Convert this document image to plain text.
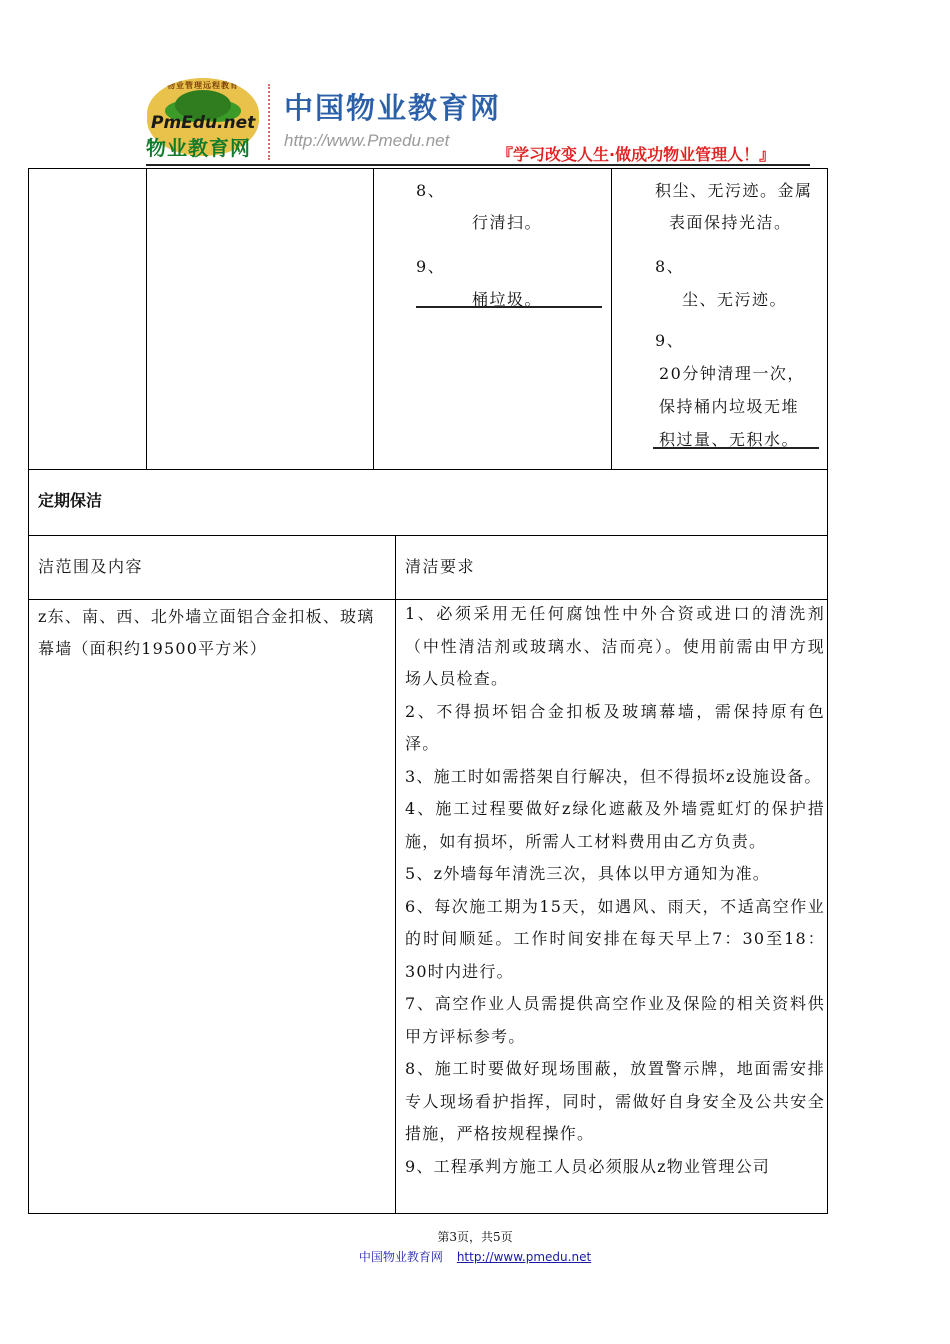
物业管理远程教育
PmEdu.net
物业教育网
中国物业教育网
http://www.Pmedu.net
『学习改变人生·做成功物业管理人！』
8、
行清扫。
9、
桶垃圾。
积尘、无污迹。金属
表面保持光洁。
8、
尘、无污迹。
9、
20分钟清理一次，
保持桶内垃圾无堆
积过量、无积水。
定期保洁
洁范围及内容	清洁要求
z东、南、西、北外墙立面铝合金扣板、玻璃
幕墙（面积约19500平方米）

1、必须采用无任何腐蚀性中外合资或进口的清洗剂（中性清洁剂或玻璃水、洁而亮）。使用前需由甲方现场人员检查。

2、不得损坏铝合金扣板及玻璃幕墙，需保持原有色泽。

3、施工时如需搭架自行解决，但不得损坏z设施设备。

4、施工过程要做好z绿化遮蔽及外墙霓虹灯的保护措施，如有损坏，所需人工材料费用由乙方负责。

5、z外墙每年清洗三次，具体以甲方通知为准。

6、每次施工期为15天，如遇风、雨天，不适高空作业的时间顺延。工作时间安排在每天早上7：30至18：30时内进行。

7、高空作业人员需提供高空作业及保险的相关资料供甲方评标参考。

8、施工时要做好现场围蔽，放置警示牌，地面需安排专人现场看护指挥，同时，需做好自身安全及公共安全措施，严格按规程操作。

9、工程承判方施工人员必须服从z物业管理公司

第3页，共5页
中国物业教育网 http://www.pmedu.net
